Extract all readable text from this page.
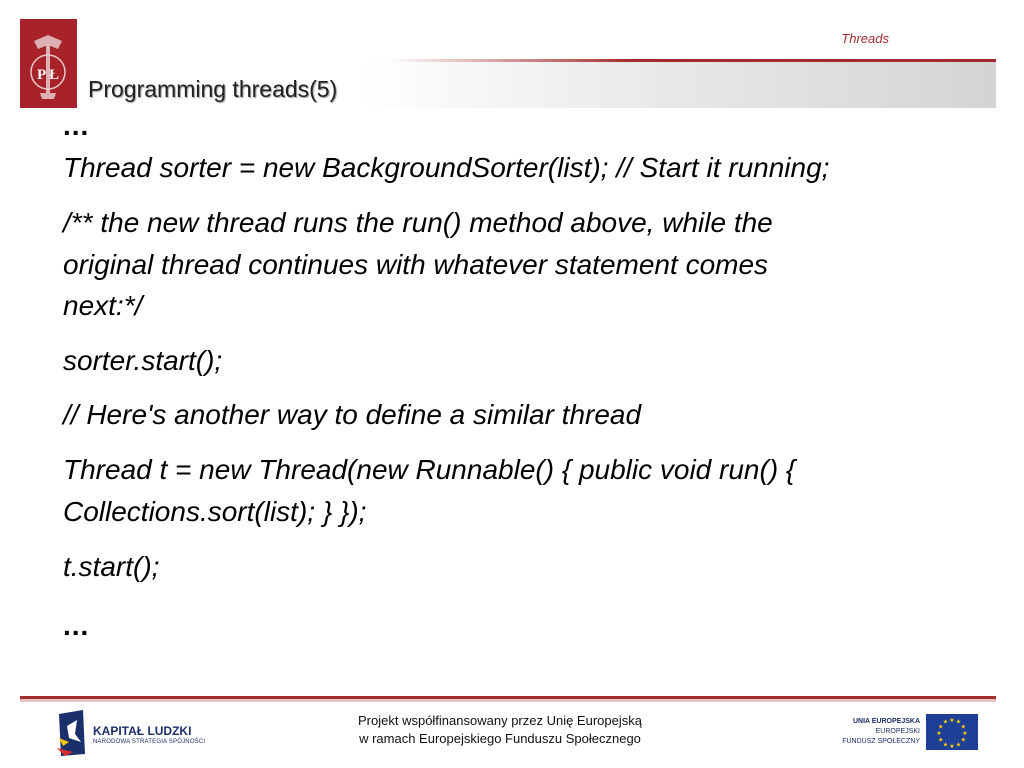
P Ł
Threads
Programming threads(5)
...
Thread sorter = new BackgroundSorter(list); // Start it running;
/** the new thread runs the run() method above, while the
original thread continues with whatever statement comes
next:*/
sorter.start();
// Here's another way to define a similar thread
Thread t = new Thread(new Runnable() { public void run() {
Collections.sort(list); } });
t.start();
...
KAPITAŁ LUDZKI
NARODOWA STRATEGIA SPÓJNOŚCI
Projekt współfinansowany przez Unię Europejską
w ramach Europejskiego Funduszu Społecznego
UNIA EUROPEJSKA
EUROPEJSKI
FUNDUSZ SPOŁECZNY
★ ★
★
★
★
★
★
★
★
★
★
★
